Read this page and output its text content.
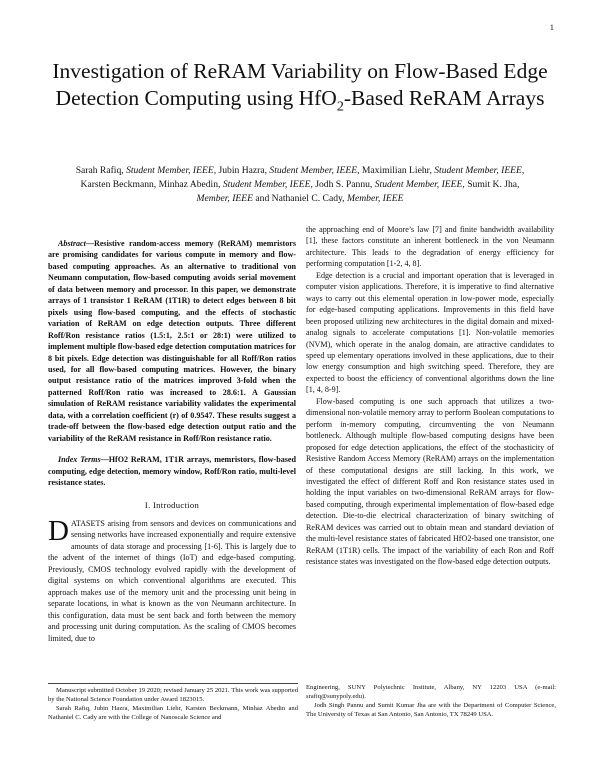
1
Investigation of ReRAM Variability on Flow-Based Edge Detection Computing using HfO$_2$-Based ReRAM Arrays
Sarah Rafiq, Student Member, IEEE, Jubin Hazra, Student Member, IEEE, Maximilian Liehr, Student Member, IEEE, Karsten Beckmann, Minhaz Abedin, Student Member, IEEE, Jodh S. Pannu, Student Member, IEEE, Sumit K. Jha, Member, IEEE and Nathaniel C. Cady, Member, IEEE

Abstract—Resistive random-access memory (ReRAM) memristors are promising candidates for various compute in memory and flow-based computing approaches. As an alternative to traditional von Neumann computation, flow-based computing avoids serial movement of data between memory and processor. In this paper, we demonstrate arrays of 1 transistor 1 ReRAM (1T1R) to detect edges between 8 bit pixels using flow-based computing, and the effects of stochastic variation of ReRAM on edge detection outputs. Three different Roff/Ron resistance ratios (1.5:1, 2.5:1 or 28:1) were utilized to implement multiple flow-based edge detection computation matrices for 8 bit pixels. Edge detection was distinguishable for all Roff/Ron ratios used, for all flow-based computing matrices. However, the binary output resistance ratio of the matrices improved 3-fold when the patterned Roff/Ron ratio was increased to 28.6:1. A Gaussian simulation of ReRAM resistance variability validates the experimental data, with a correlation coefficient (r) of 0.9547. These results suggest a trade-off between the flow-based edge detection output ratio and the variability of the ReRAM resistance in Roff/Ron resistance ratio.

Index Terms—HfO2 ReRAM, 1T1R arrays, memristors, flow-based computing, edge detection, memory window, Roff/Ron ratio, multi-level resistance states.

I. Introduction

DATASETS arising from sensors and devices on communications and sensing networks have increased exponentially and require extensive amounts of data storage and processing [1-6]. This is largely due to the advent of the internet of things (IoT) and edge-based computing. Previously, CMOS technology evolved rapidly with the development of digital systems on which conventional algorithms are executed. This approach makes use of the memory unit and the processing unit being in separate locations, in what is known as the von Neumann architecture. In this configuration, data must be sent back and forth between the memory and processing unit during computation. As the scaling of CMOS becomes limited, due to

the approaching end of Moore’s law [7] and finite bandwidth availability [1], these factors constitute an inherent bottleneck in the von Neumann architecture. This leads to the degradation of energy efficiency for performing computation [1-2, 4, 8].

Edge detection is a crucial and important operation that is leveraged in computer vision applications. Therefore, it is imperative to find alternative ways to carry out this elemental operation in low-power mode, especially for edge-based computing applications. Improvements in this field have been proposed utilizing new architectures in the digital domain and mixed-analog signals to accelerate computations [1]. Non-volatile memories (NVM), which operate in the analog domain, are attractive candidates to speed up elementary operations involved in these applications, due to their low energy consumption and high switching speed. Therefore, they are expected to boost the efficiency of conventional algorithms down the line [1, 4, 8-9].

Flow-based computing is one such approach that utilizes a two-dimensional non-volatile memory array to perform Boolean computations to perform in-memory computing, circumventing the von Neumann bottleneck. Although multiple flow-based computing designs have been proposed for edge detection applications, the effect of the stochasticity of Resistive Random Access Memory (ReRAM) arrays on the implementation of these computational designs are still lacking. In this work, we investigated the effect of different Roff and Ron resistance states used in holding the input variables on two-dimensional ReRAM arrays for flow-based computing, through experimental implementation of flow-based edge detection. Die-to-die electrical characterization of binary switching of ReRAM devices was carried out to obtain mean and standard deviation of the multi-level resistance states of fabricated HfO2-based one transistor, one ReRAM (1T1R) cells. The impact of the variability of each Ron and Roff resistance states was investigated on the flow-based edge detection outputs.

Manuscript submitted October 19 2020; revised January 25 2021. This work was supported by the National Science Foundation under Award 1823015.

Sarah Rafiq, Jubin Hazra, Maximilian Liehr, Karsten Beckmann, Minhaz Abedin and Nathaniel C. Cady are with the College of Nanoscale Science and

Engineering, SUNY Polytechnic Institute, Albany, NY 12203 USA (e-mail: srafiq@sunypoly.edu).

Jodh Singh Pannu and Sumit Kumar Jha are with the Department of Computer Science, The University of Texas at San Antonio, San Antonio, TX 78249 USA.
